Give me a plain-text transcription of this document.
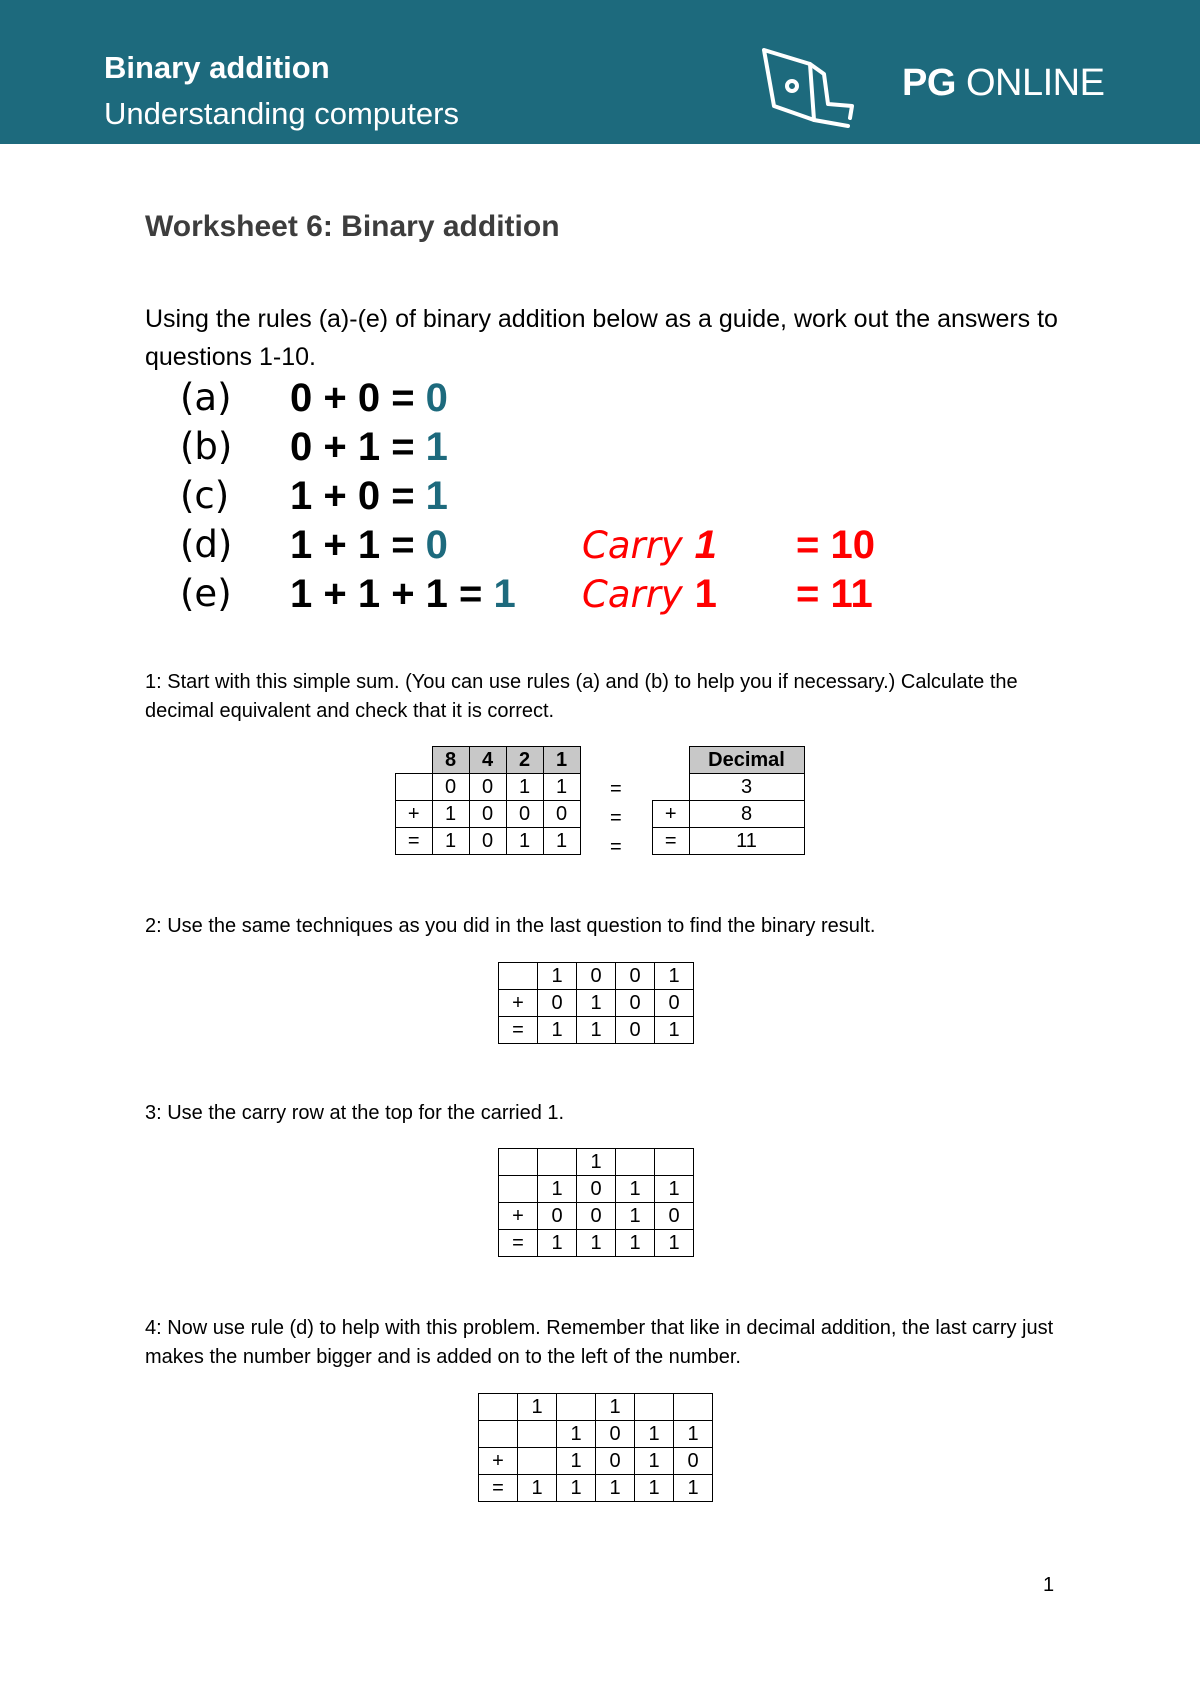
Binary addition
Understanding computers
PG ONLINE
Worksheet 6: Binary addition
Using the rules (a)-(e) of binary addition below as a guide, work out the answers to questions 1-10.
(a) 0 + 0 = 0
(b) 0 + 1 = 1
(c) 1 + 0 = 1
(d) 1 + 1 = 0	Carry 1 = 10
(e) 1 + 1 + 1 = 1 Carry 1 = 11
1: Start with this simple sum. (You can use rules (a) and (b) to help you if necessary.) Calculate the decimal equivalent and check that it is correct.
	8	4	2	1
	0	0	1	1
+	1	0	0	0
=	1	0	1	1
=
=
=
	Decimal
	3
+	8
=	11
2: Use the same techniques as you did in the last question to find the binary result.
	1	0	0	1
+	0	1	0	0
=	1	1	0	1
3: Use the carry row at the top for the carried 1.
		1		
	1	0	1	1
+	0	0	1	0
=	1	1	1	1
4: Now use rule (d) to help with this problem. Remember that like in decimal addition, the last carry just makes the number bigger and is added on to the left of the number.
	1		1		
		1	0	1	1
+		1	0	1	0
=	1	1	1	1	1
1
